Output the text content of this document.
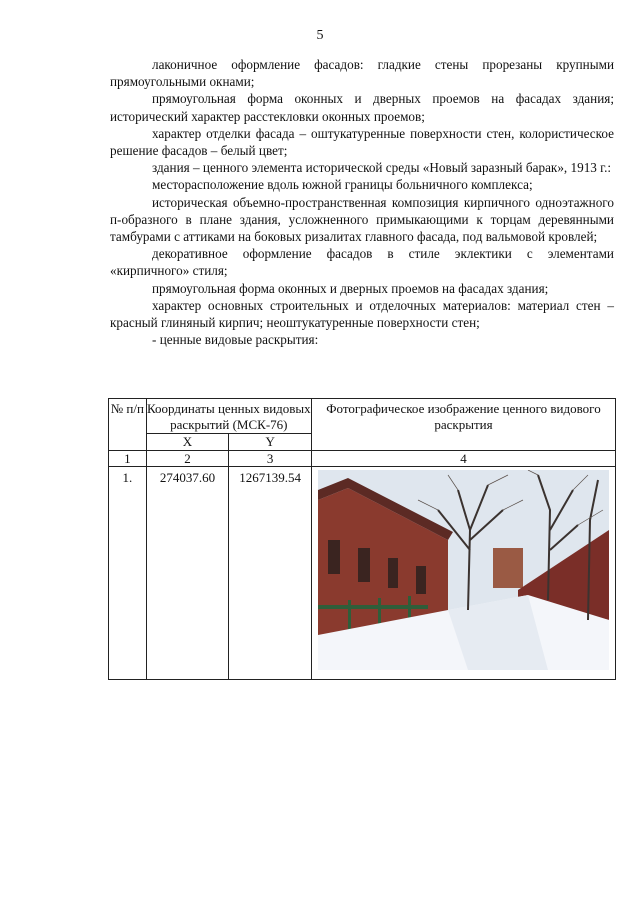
5

лаконичное оформление фасадов: гладкие стены прорезаны крупными прямоугольными окнами;

прямоугольная форма оконных и дверных проемов на фасадах здания; исторический характер расстекловки оконных проемов;

характер отделки фасада – оштукатуренные поверхности стен, колористическое решение фасадов – белый цвет;

здания – ценного элемента исторической среды «Новый заразный барак», 1913 г.:

месторасположение вдоль южной границы больничного комплекса;

историческая объемно-пространственная композиция кирпичного одноэтажного п-образного в плане здания, усложненного примыкающими к торцам деревянными тамбурами с аттиками на боковых ризалитах главного фасада, под вальмовой кровлей;

декоративное оформление фасадов в стиле эклектики с элементами «кирпичного» стиля;

прямоугольная форма оконных и дверных проемов на фасадах здания;

характер основных строительных и отделочных материалов: материал стен – красный глиняный кирпич; неоштукатуренные поверхности стен;

- ценные видовые раскрытия:

№ п/п	Координаты ценных видовых раскрытий (МСК-76)		Фотографическое изображение ценного видового раскрытия
	X	Y	
1	2	3	4
1.	274037.60	1267139.54	
